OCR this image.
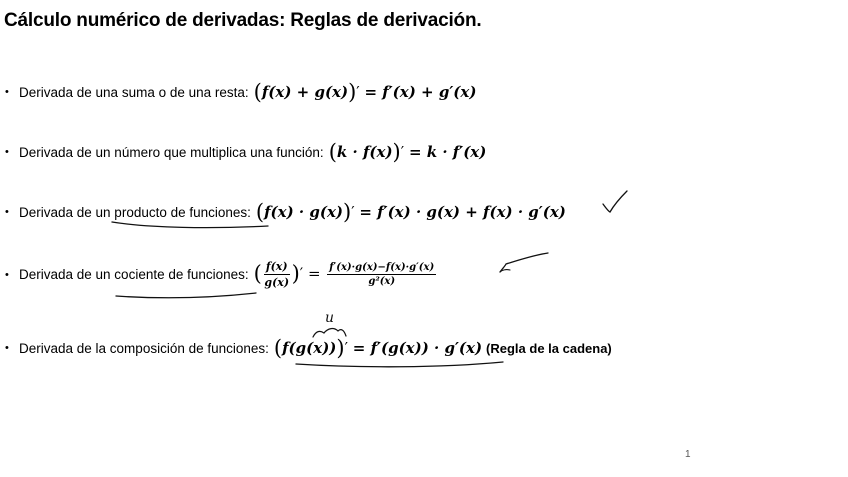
Cálculo numérico de derivadas: Reglas de derivación.
• Derivada de una suma o de una resta: (f(x) + g(x))′ = f′(x) + g′(x)
• Derivada de un número que multiplica una función: (k · f(x))′ = k · f′(x)
• Derivada de un producto de funciones: (f(x) · g(x))′ = f′(x) · g(x) + f(x) · g′(x)
• Derivada de un cociente de funciones: ( $\frac{f(x)}{g(x)}$ )′ = $\frac{f'(x)\cdot g(x)-f(x)\cdot g'(x)}{\text{g²(x)}}$
• Derivada de la composición de funciones: (f(g(x)))′ = f′(g(x)) · g′(x) (Regla de la cadena)
1
u
